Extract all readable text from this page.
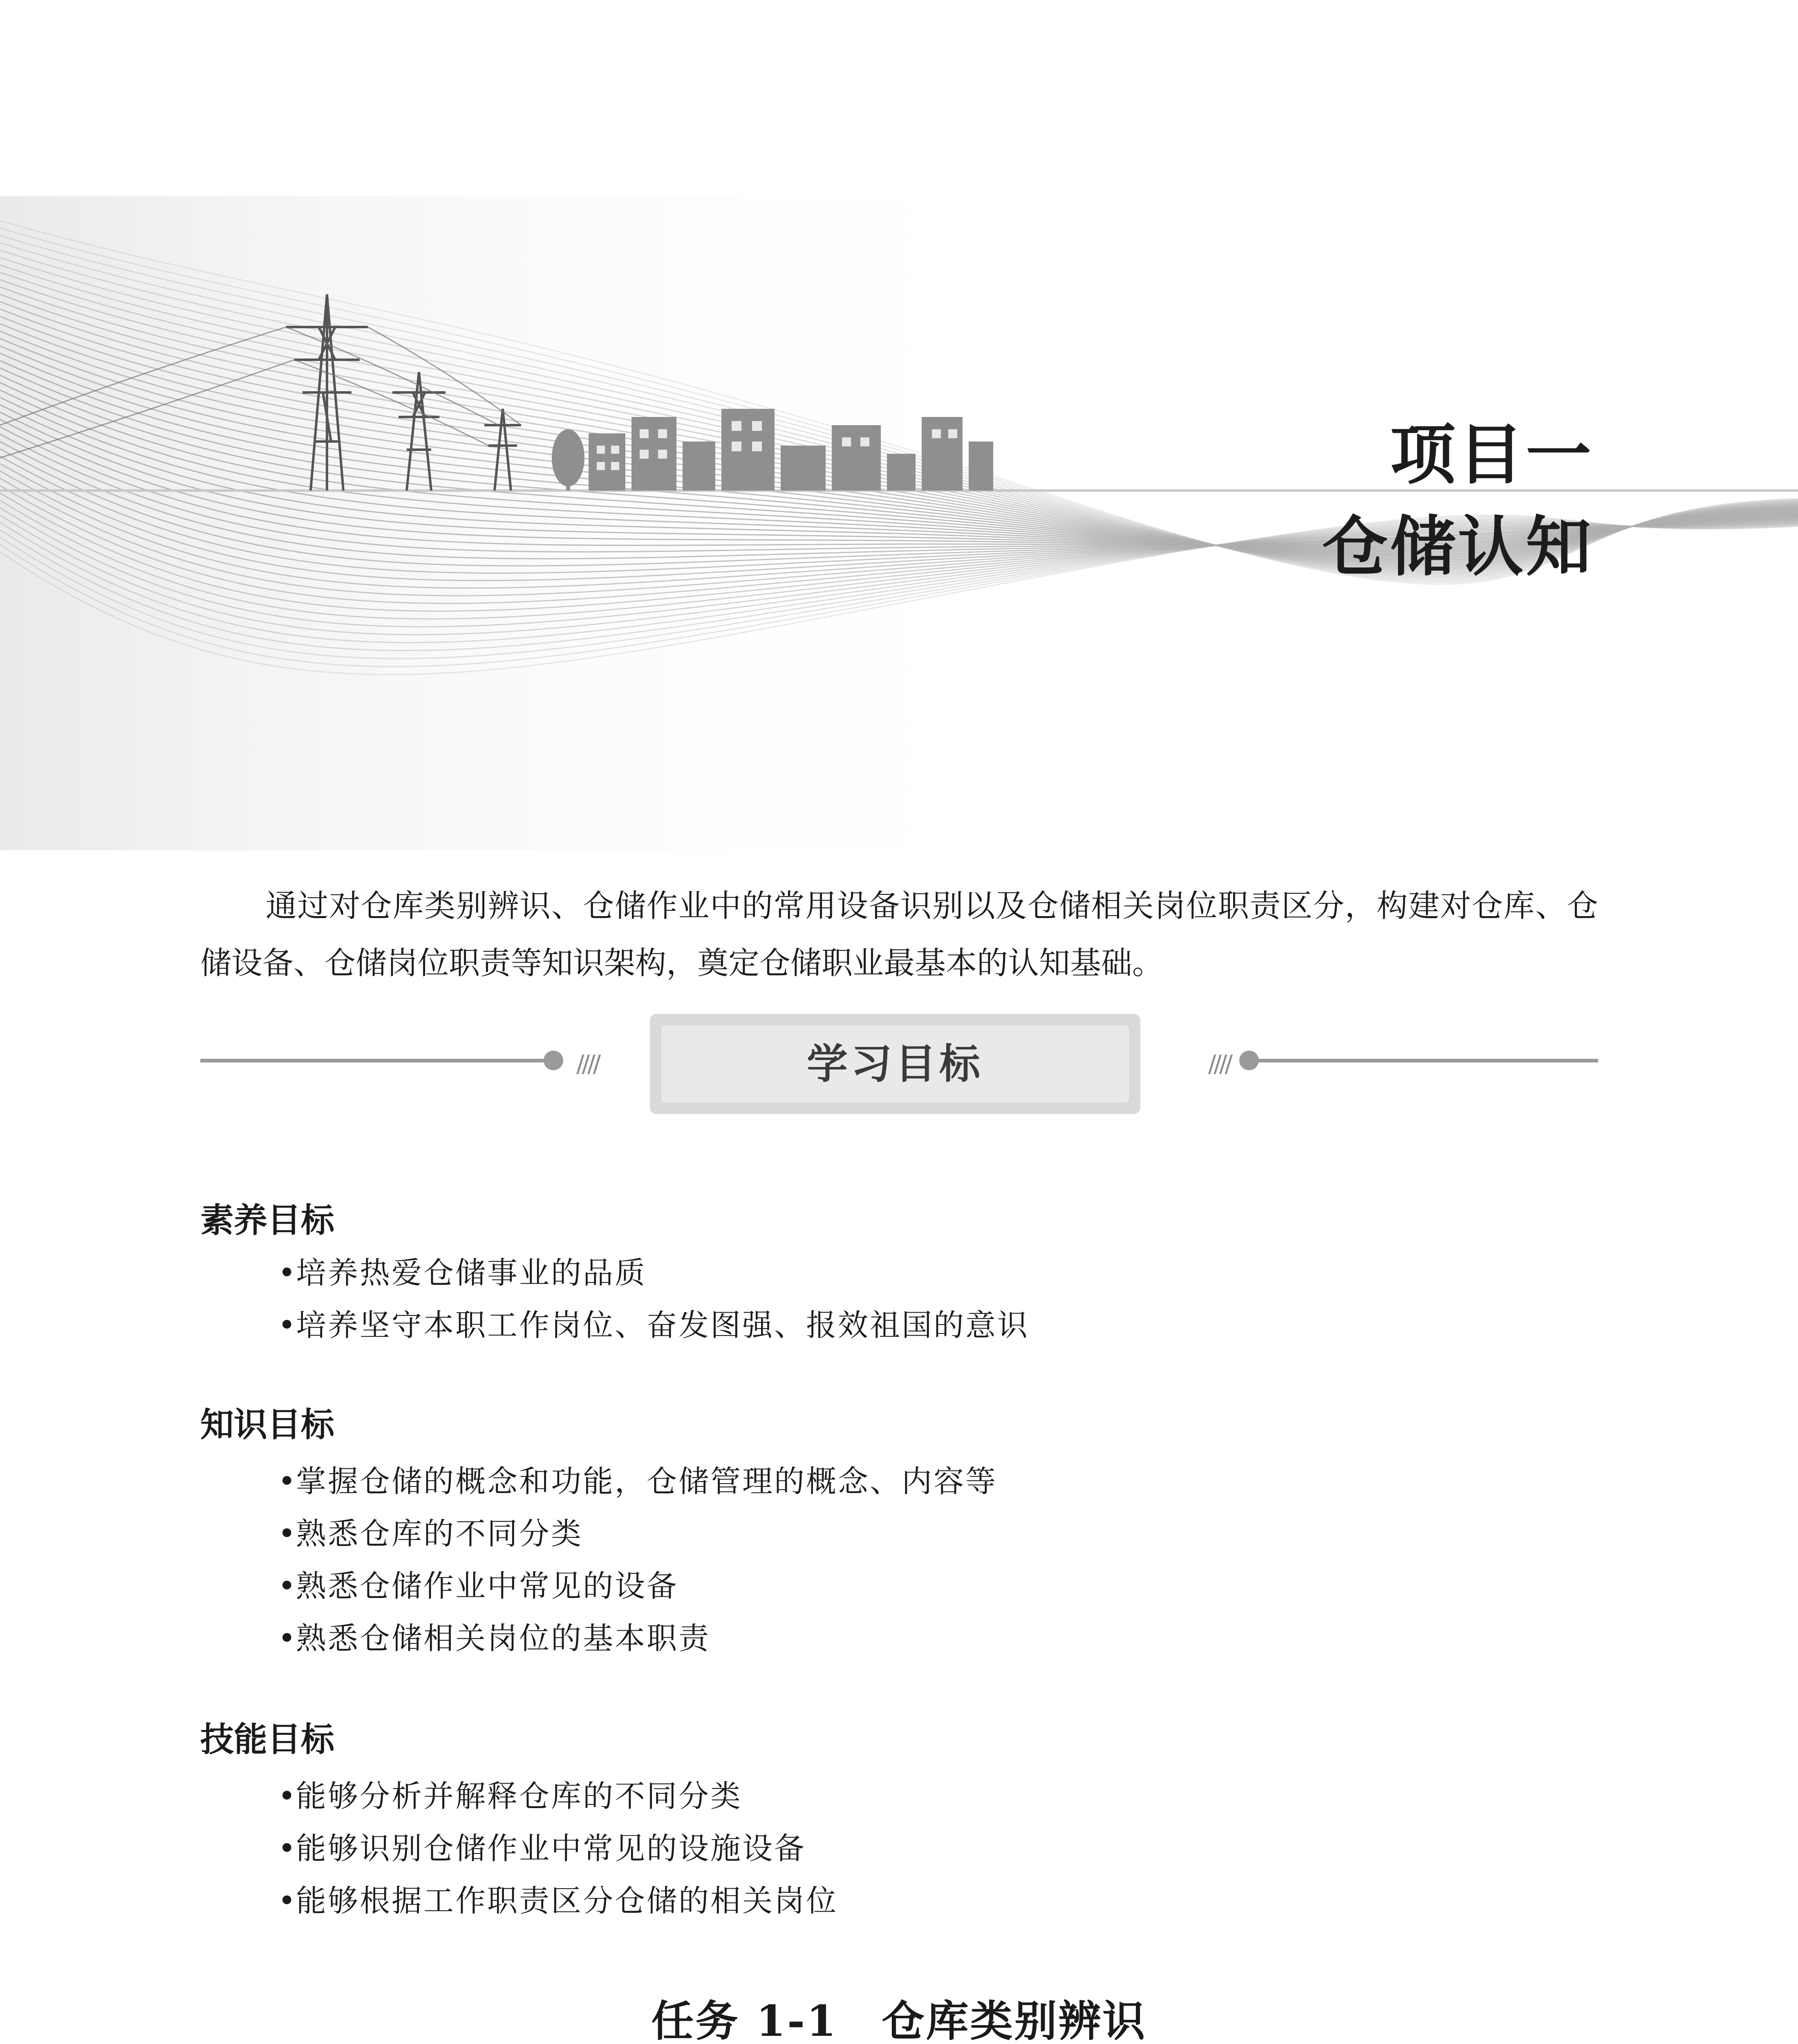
项目一
仓储认知

通过对仓库类别辨识、仓储作业中的常用设备识别以及仓储相关岗位职责区分，构建对仓库、仓储设备、仓储岗位职责等知识架构，奠定仓储职业最基本的认知基础。

////	学习目标	////
素养目标
•培养热爱仓储事业的品质
•培养坚守本职工作岗位、奋发图强、报效祖国的意识
知识目标
•掌握仓储的概念和功能，仓储管理的概念、内容等
•熟悉仓库的不同分类
•熟悉仓储作业中常见的设备
•熟悉仓储相关岗位的基本职责
技能目标
•能够分析并解释仓库的不同分类
•能够识别仓储作业中常见的设施设备
•能够根据工作职责区分仓储的相关岗位
任务 1-1　仓库类别辨识
